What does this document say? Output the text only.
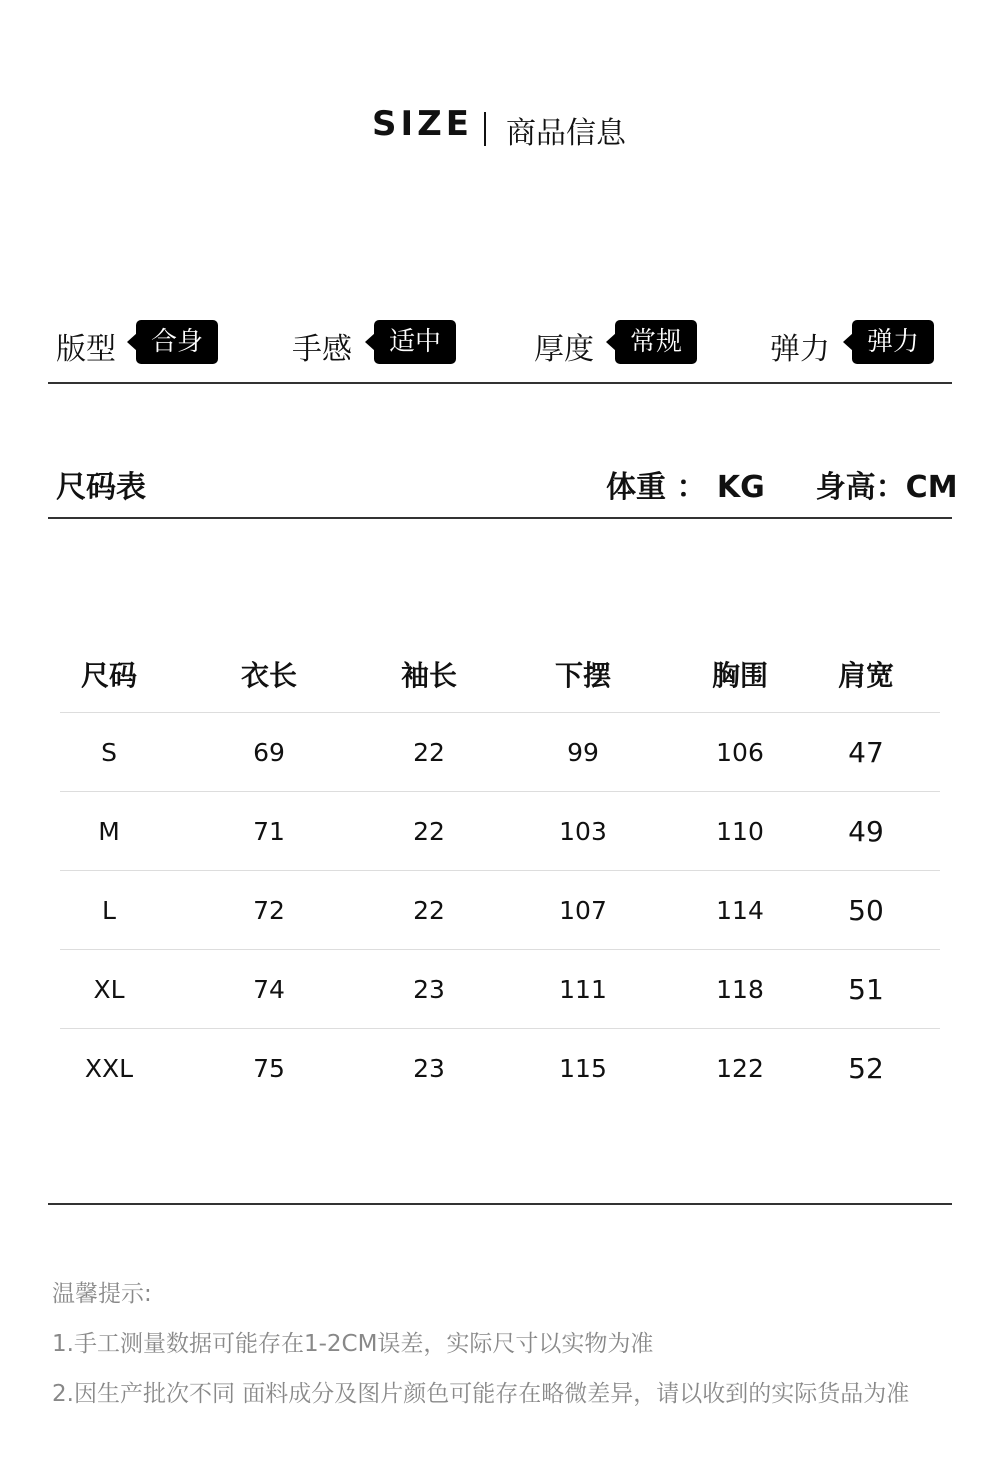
SIZE 商品信息
版型	合身	手感	适中	厚度	常规	弹力	弹力
尺码表	体重 ： KG 身高：CM
尺码	衣长	袖长	下摆	胸围	肩宽
S	69	22	99	106	47
M	71	22	103	110	49
L	72	22	107	114	50
XL	74	23	111	118	51
XXL	75	23	115	122	52
温馨提示:
1.手工测量数据可能存在1-2CM误差，实际尺寸以实物为准
2.因生产批次不同 面料成分及图片颜色可能存在略微差异，请以收到的实际货品为准
